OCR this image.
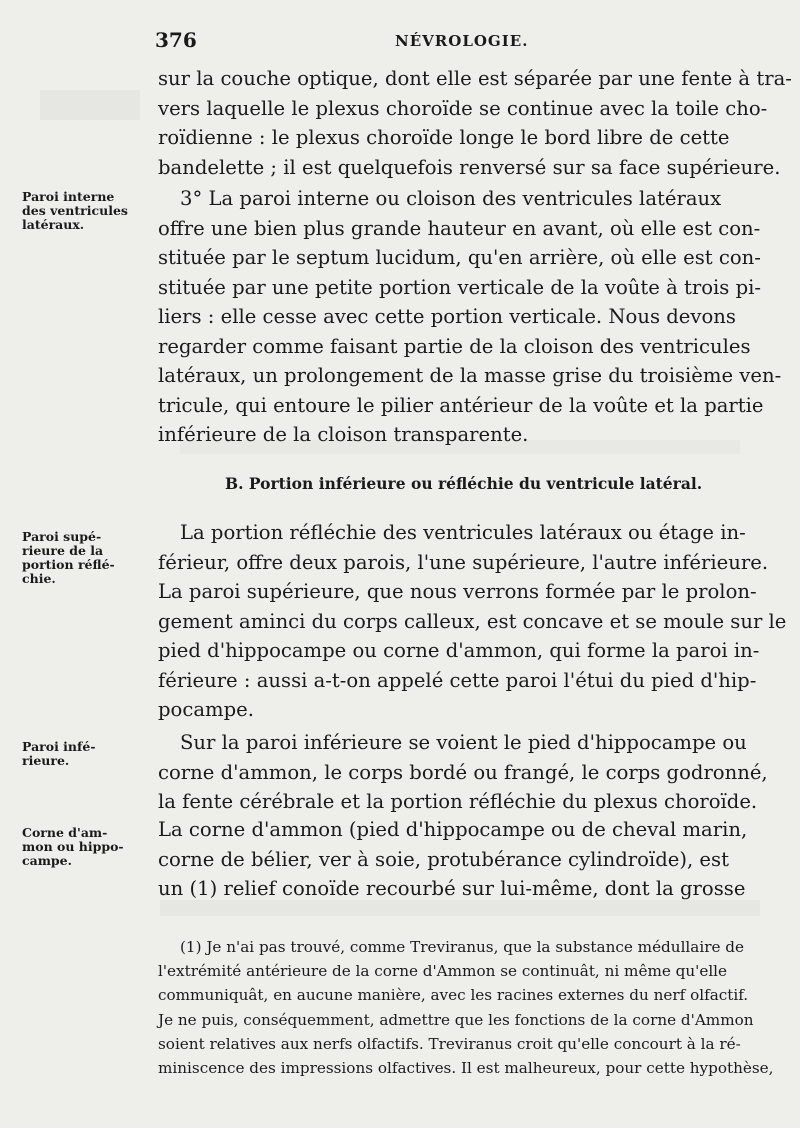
376	NÉVROLOGIE.

sur la couche optique, dont elle est séparée par une fente à tra-
vers laquelle le plexus choroïde se continue avec la toile cho-
roïdienne : le plexus choroïde longe le bord libre de cette
bandelette ; il est quelquefois renversé sur sa face supérieure.

Paroi interne
des ventricules
latéraux.

3° La paroi interne ou cloison des ventricules latéraux
offre une bien plus grande hauteur en avant, où elle est con-
stituée par le septum lucidum, qu'en arrière, où elle est con-
stituée par une petite portion verticale de la voûte à trois pi-
liers : elle cesse avec cette portion verticale. Nous devons
regarder comme faisant partie de la cloison des ventricules
latéraux, un prolongement de la masse grise du troisième ven-
tricule, qui entoure le pilier antérieur de la voûte et la partie
inférieure de la cloison transparente.

B. Portion inférieure ou réfléchie du ventricule latéral.

Paroi supé-
rieure de la
portion réflé-
chie.

La portion réfléchie des ventricules latéraux ou étage in-
férieur, offre deux parois, l'une supérieure, l'autre inférieure.
La paroi supérieure, que nous verrons formée par le prolon-
gement aminci du corps calleux, est concave et se moule sur le
pied d'hippocampe ou corne d'ammon, qui forme la paroi in-
férieure : aussi a-t-on appelé cette paroi l'étui du pied d'hip-
pocampe.

Paroi infé-
rieure.

Sur la paroi inférieure se voient le pied d'hippocampe ou
corne d'ammon, le corps bordé ou frangé, le corps godronné,
la fente cérébrale et la portion réfléchie du plexus choroïde.

Corne d'am-
mon ou hippo-
campe.

La corne d'ammon (pied d'hippocampe ou de cheval marin,
corne de bélier, ver à soie, protubérance cylindroïde), est
un (1) relief conoïde recourbé sur lui-même, dont la grosse

(1) Je n'ai pas trouvé, comme Treviranus, que la substance médullaire de
l'extrémité antérieure de la corne d'Ammon se continuât, ni même qu'elle
communiquât, en aucune manière, avec les racines externes du nerf olfactif.
Je ne puis, conséquemment, admettre que les fonctions de la corne d'Ammon
soient relatives aux nerfs olfactifs. Treviranus croit qu'elle concourt à la ré-
miniscence des impressions olfactives. Il est malheureux, pour cette hypothèse,
